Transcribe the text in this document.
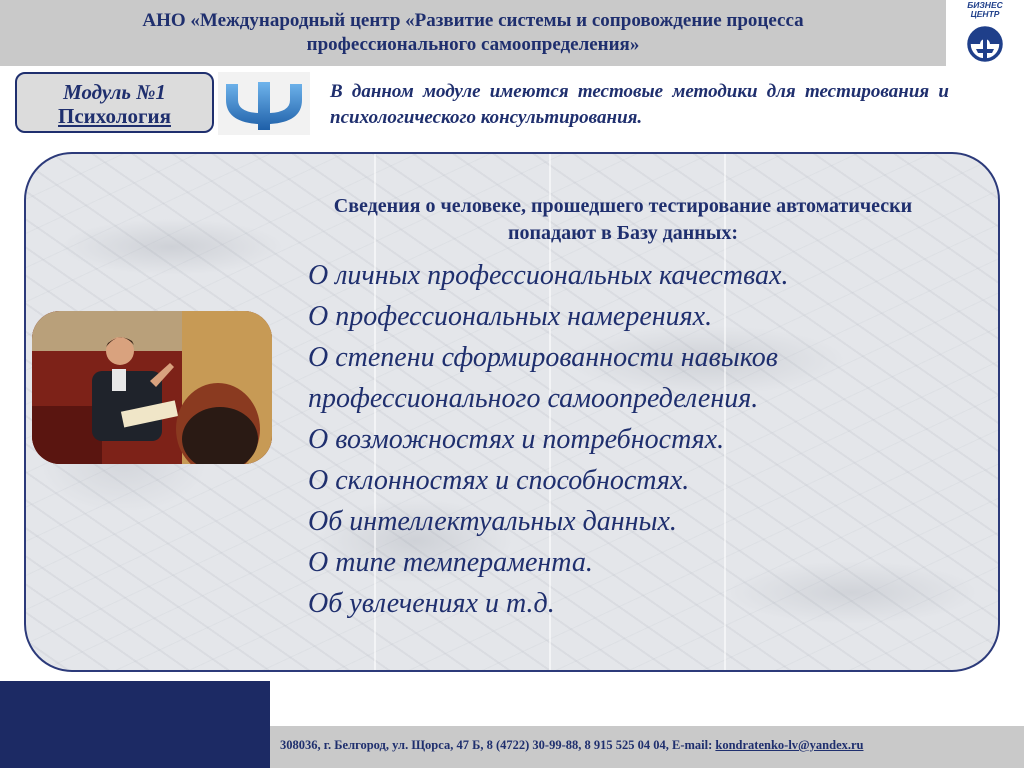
АНО «Международный центр «Развитие системы и сопровождение процесса профессионального самоопределения»
БИЗНЕС
ЦЕНТР
Модуль №1
Психология
В данном модуле имеются тестовые методики для тестирования и психологического консультирования.
Сведения о человеке, прошедшего тестирование автоматически попадают в Базу данных:
О личных профессиональных качествах.
О профессиональных намерениях.
О степени сформированности навыков профессионального самоопределения.
О возможностях и потребностях.
О склонностях и способностях.
Об интеллектуальных данных.
О типе темперамента.
Об увлечениях и т.д.
308036, г. Белгород, ул. Щорса, 47 Б, 8 (4722) 30-99-88, 8 915 525 04 04, E-mail: kondratenko-lv@yandex.ru
